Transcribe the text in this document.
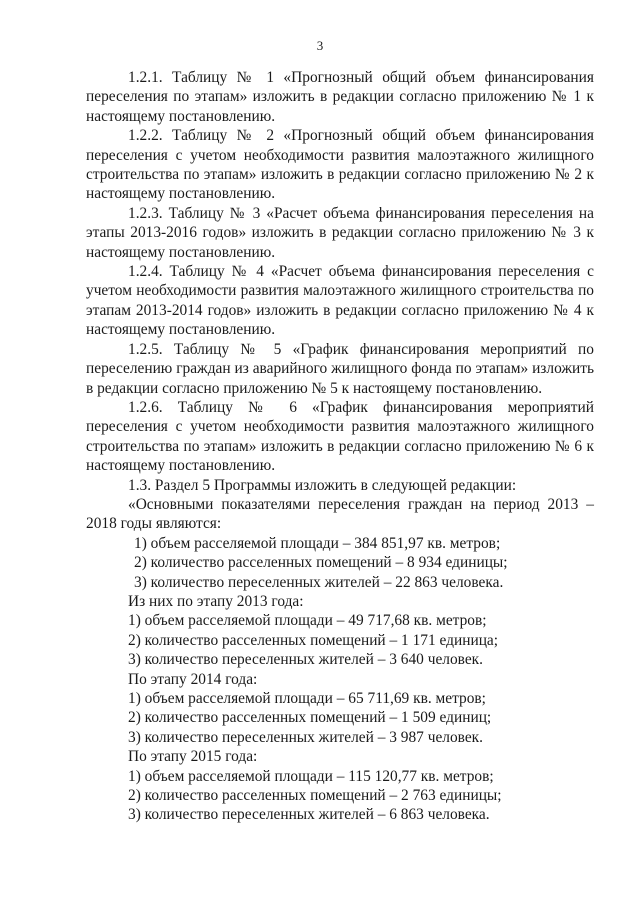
3

1.2.1. Таблицу № 1 «Прогнозный общий объем финансирования переселения по этапам» изложить в редакции согласно приложению № 1 к настоящему постановлению.

1.2.2. Таблицу № 2 «Прогнозный общий объем финансирования переселения с учетом необходимости развития малоэтажного жилищного строительства по этапам» изложить в редакции согласно приложению № 2 к настоящему постановлению.

1.2.3. Таблицу № 3 «Расчет объема финансирования переселения на этапы 2013-2016 годов» изложить в редакции согласно приложению № 3 к настоящему постановлению.

1.2.4. Таблицу № 4 «Расчет объема финансирования переселения с учетом необходимости развития малоэтажного жилищного строительства по этапам 2013-2014 годов» изложить в редакции согласно приложению № 4 к настоящему постановлению.

1.2.5. Таблицу № 5 «График финансирования мероприятий по переселению граждан из аварийного жилищного фонда по этапам» изложить в редакции согласно приложению № 5 к настоящему постановлению.

1.2.6. Таблицу № 6 «График финансирования мероприятий переселения с учетом необходимости развития малоэтажного жилищного строительства по этапам» изложить в редакции согласно приложению № 6 к настоящему постановлению.

1.3. Раздел 5 Программы изложить в следующей редакции:

«Основными показателями переселения граждан на период 2013 – 2018 годы являются:

1) объем расселяемой площади – 384 851,97 кв. метров;

2) количество расселенных помещений – 8 934 единицы;

3) количество переселенных жителей – 22 863 человека.

Из них по этапу 2013 года:

1) объем расселяемой площади – 49 717,68 кв. метров;

2) количество расселенных помещений – 1 171 единица;

3) количество переселенных жителей – 3 640 человек.

По этапу 2014 года:

1) объем расселяемой площади – 65 711,69 кв. метров;

2) количество расселенных помещений – 1 509 единиц;

3) количество переселенных жителей – 3 987 человек.

По этапу 2015 года:

1) объем расселяемой площади – 115 120,77 кв. метров;

2) количество расселенных помещений – 2 763 единицы;

3) количество переселенных жителей – 6 863 человека.
